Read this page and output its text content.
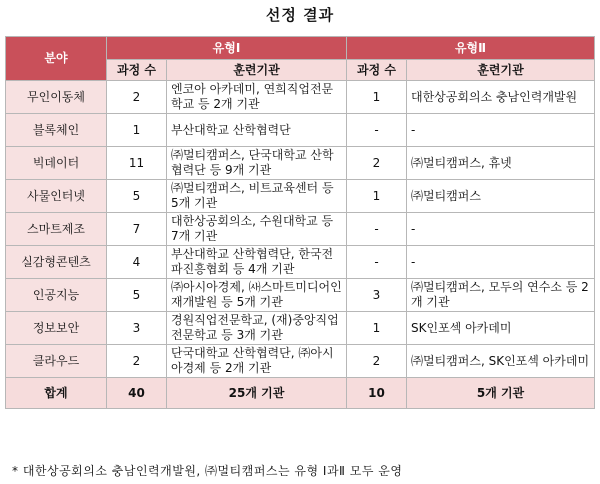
선정 결과
분야	유형Ⅰ		유형Ⅱ	
	과정 수	훈련기관	과정 수	훈련기관
무인이동체	2	엔코아 아카데미, 연희직업전문학교 등 2개 기관	1	대한상공회의소 충남인력개발원
블록체인	1	부산대학교 산학협력단	-	-
빅데이터	11	㈜멀티캠퍼스, 단국대학교 산학협력단 등 9개 기관	2	㈜멀티캠퍼스, 휴넷
사물인터넷	5	㈜멀티캠퍼스, 비트교육센터 등 5개 기관	1	㈜멀티캠퍼스
스마트제조	7	대한상공회의소, 수원대학교 등 7개 기관	-	-
실감형콘텐츠	4	부산대학교 산학협력단, 한국전파진흥협회 등 4개 기관	-	-
인공지능	5	㈜아시아경제, ㈔스마트미디어인재개발원 등 5개 기관	3	㈜멀티캠퍼스, 모두의 연수소 등 2개 기관
정보보안	3	경원직업전문학교, (재)중앙직업전문학교 등 3개 기관	1	SK인포섹 아카데미
클라우드	2	단국대학교 산학협력단, ㈜아시아경제 등 2개 기관	2	㈜멀티캠퍼스, SK인포섹 아카데미
합계	40	25개 기관	10	5개 기관
* 대한상공회의소 충남인력개발원, ㈜멀티캠퍼스는 유형 Ⅰ과Ⅱ 모두 운영
